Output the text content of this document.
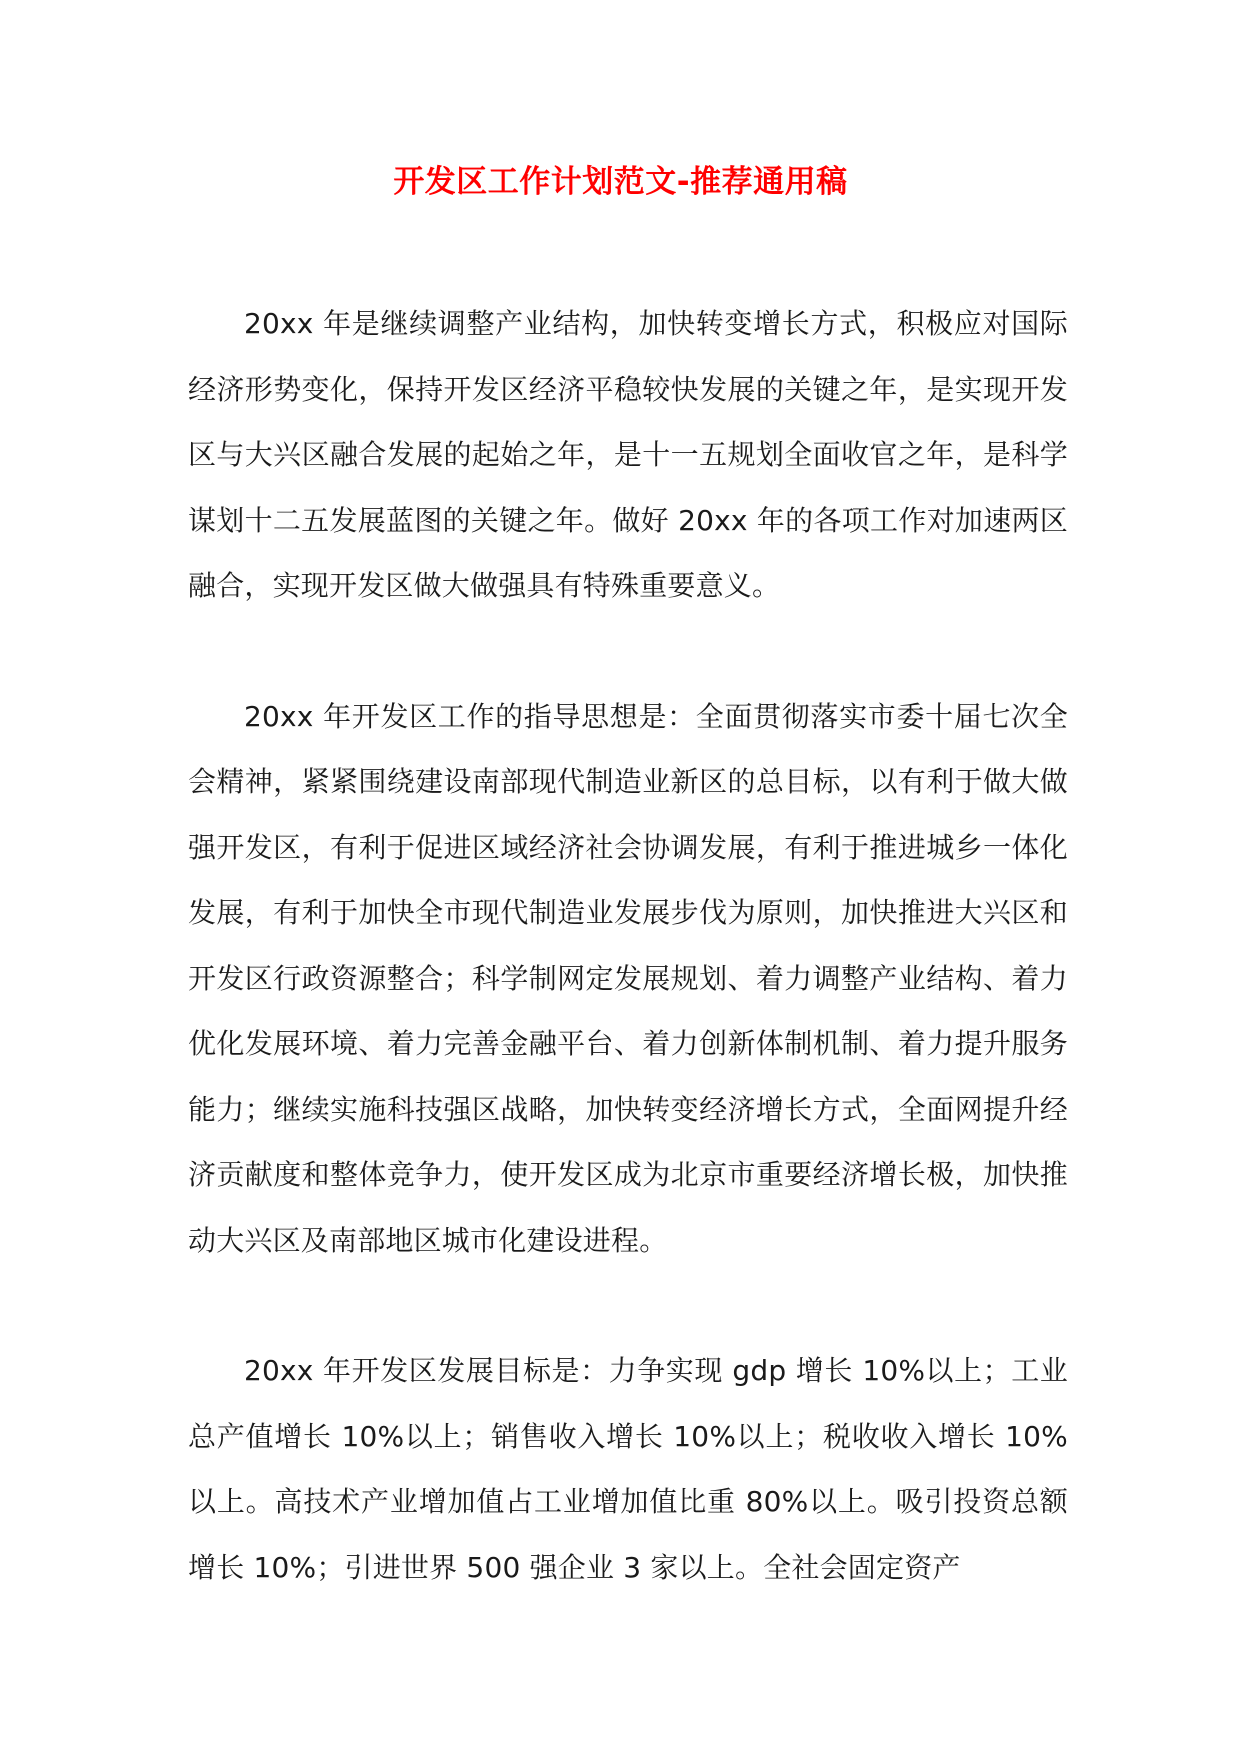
开发区工作计划范文-推荐通用稿

20xx 年是继续调整产业结构，加快转变增长方式，积极应对国际经济形势变化，保持开发区经济平稳较快发展的关键之年，是实现开发区与大兴区融合发展的起始之年，是十一五规划全面收官之年，是科学谋划十二五发展蓝图的关键之年。做好 20xx 年的各项工作对加速两区融合，实现开发区做大做强具有特殊重要意义。

20xx 年开发区工作的指导思想是：全面贯彻落实市委十届七次全会精神，紧紧围绕建设南部现代制造业新区的总目标，以有利于做大做强开发区，有利于促进区域经济社会协调发展，有利于推进城乡一体化发展，有利于加快全市现代制造业发展步伐为原则，加快推进大兴区和开发区行政资源整合；科学制网定发展规划、着力调整产业结构、着力优化发展环境、着力完善金融平台、着力创新体制机制、着力提升服务能力；继续实施科技强区战略，加快转变经济增长方式，全面网提升经济贡献度和整体竞争力，使开发区成为北京市重要经济增长极，加快推动大兴区及南部地区城市化建设进程。

20xx 年开发区发展目标是：力争实现 gdp 增长 10%以上；工业总产值增长 10%以上；销售收入增长 10%以上；税收收入增长 10%以上。高技术产业增加值占工业增加值比重 80%以上。吸引投资总额增长 10%；引进世界 500 强企业 3 家以上。全社会固定资产
